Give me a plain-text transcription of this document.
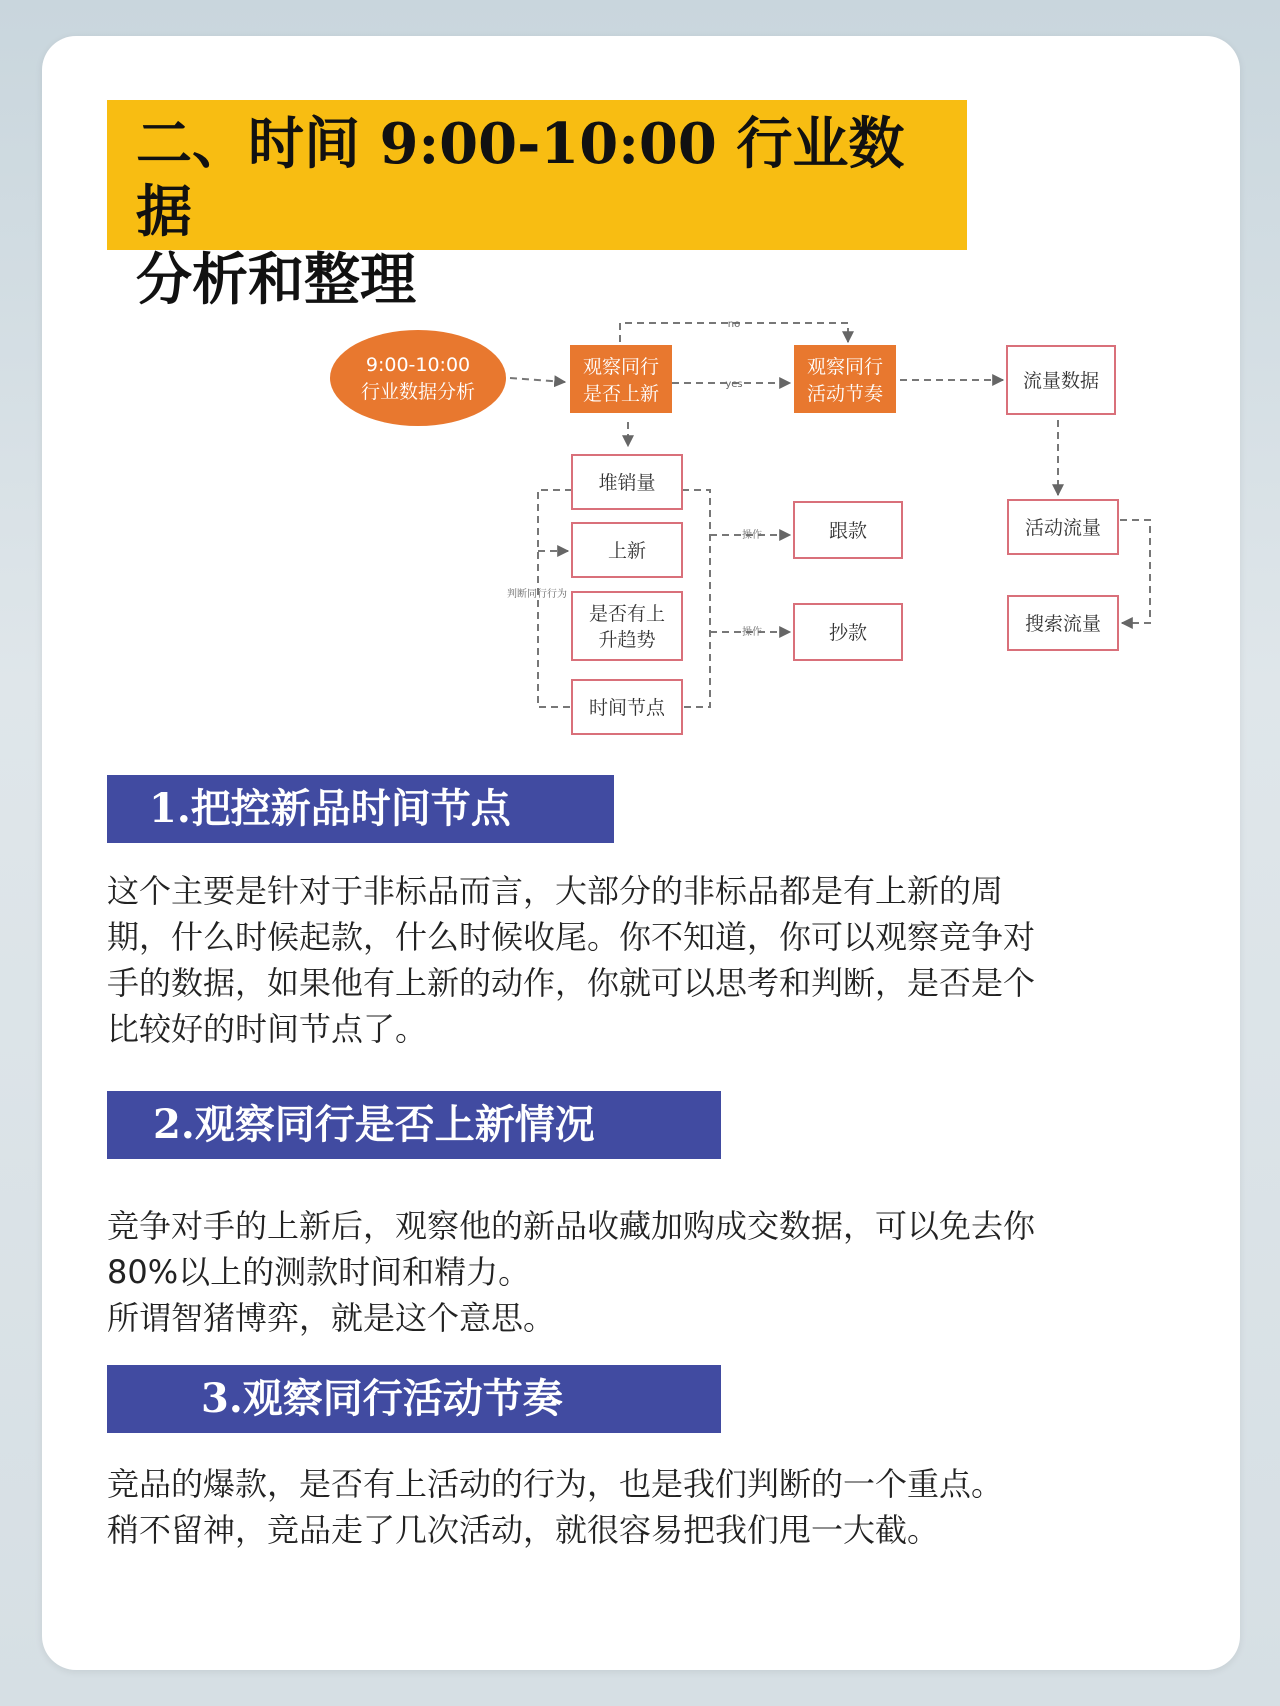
二、时间 9:00-10:00 行业数据
分析和整理
9:00-10:00
行业数据分析
观察同行
是否上新
观察同行
活动节奏
no
yes	流量数据
堆销量
上新
是否有上
升趋势
时间节点
判断同行行为
操作
操作
跟款
抄款
活动流量
搜索流量
1.把控新品时间节点
这个主要是针对于非标品而言，大部分的非标品都是有上新的周
期，什么时候起款，什么时候收尾。你不知道，你可以观察竞争对
手的数据，如果他有上新的动作，你就可以思考和判断，是否是个
比较好的时间节点了。
2.观察同行是否上新情况
竞争对手的上新后，观察他的新品收藏加购成交数据，可以免去你
80%以上的测款时间和精力。
所谓智猪博弈，就是这个意思。
3.观察同行活动节奏
竞品的爆款，是否有上活动的行为，也是我们判断的一个重点。
稍不留神，竞品走了几次活动，就很容易把我们甩一大截。
